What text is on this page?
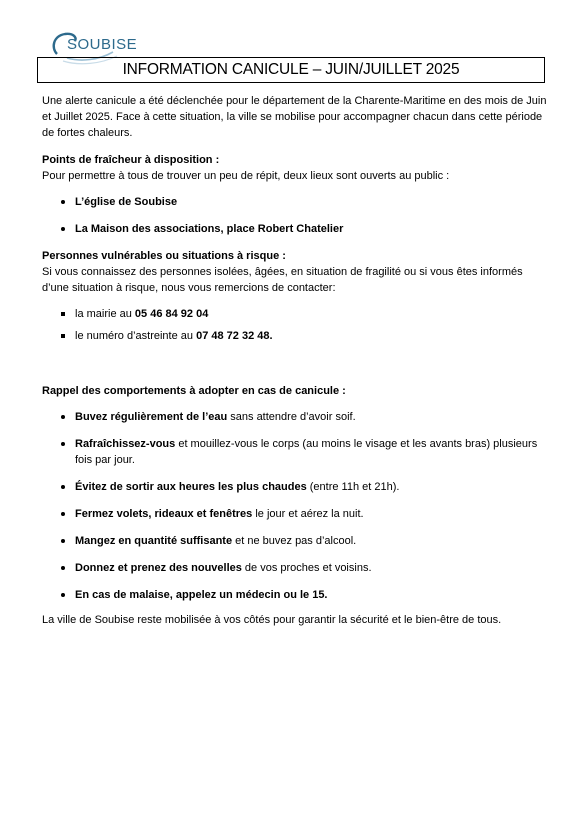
SOUBISE
INFORMATION CANICULE – JUIN/JUILLET 2025

Une alerte canicule a été déclenchée pour le département de la Charente-Maritime en des mois de Juin et Juillet 2025. Face à cette situation, la ville se mobilise pour accompagner chacun dans cette période de fortes chaleurs.

Points de fraîcheur à disposition :

Pour permettre à tous de trouver un peu de répit, deux lieux sont ouverts au public :

L’église de Soubise
La Maison des associations, place Robert Chatelier

Personnes vulnérables ou situations à risque :

Si vous connaissez des personnes isolées, âgées, en situation de fragilité ou si vous êtes informés d’une situation à risque, nous vous remercions de contacter:

la mairie au 05 46 84 92 04
le numéro d’astreinte au 07 48 72 32 48.

Rappel des comportements à adopter en cas de canicule :

Buvez régulièrement de l’eau sans attendre d’avoir soif.
Rafraîchissez-vous et mouillez-vous le corps (au moins le visage et les avants bras) plusieurs fois par jour.
Évitez de sortir aux heures les plus chaudes (entre 11h et 21h).
Fermez volets, rideaux et fenêtres le jour et aérez la nuit.
Mangez en quantité suffisante et ne buvez pas d’alcool.
Donnez et prenez des nouvelles de vos proches et voisins.
En cas de malaise, appelez un médecin ou le 15.

La ville de Soubise reste mobilisée à vos côtés pour garantir la sécurité et le bien-être de tous.
